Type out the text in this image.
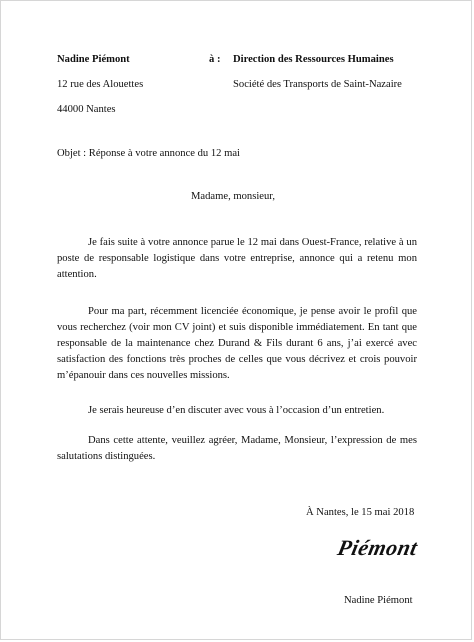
Nadine Piémont
12 rue des Alouettes
44000 Nantes
à : Direction des Ressources Humaines
Société des Transports de Saint-Nazaire
Objet : Réponse à votre annonce du 12 mai
Madame, monsieur,
Je fais suite à votre annonce parue le 12 mai dans Ouest-France, relative à un poste de responsable logistique dans votre entreprise, annonce qui a retenu mon attention.
Pour ma part, récemment licenciée économique, je pense avoir le profil que vous recherchez (voir mon CV joint) et suis disponible immédiatement. En tant que responsable de la maintenance chez Durand & Fils durant 6 ans, j’ai exercé avec satisfaction des fonctions très proches de celles que vous décrivez et crois pouvoir m’épanouir dans ces nouvelles missions.
Je serais heureuse d’en discuter avec vous à l’occasion d’un entretien.
Dans cette attente, veuillez agréer, Madame, Monsieur, l’expression de mes salutations distinguées.
À Nantes, le 15 mai 2018
Piémont
Nadine Piémont
